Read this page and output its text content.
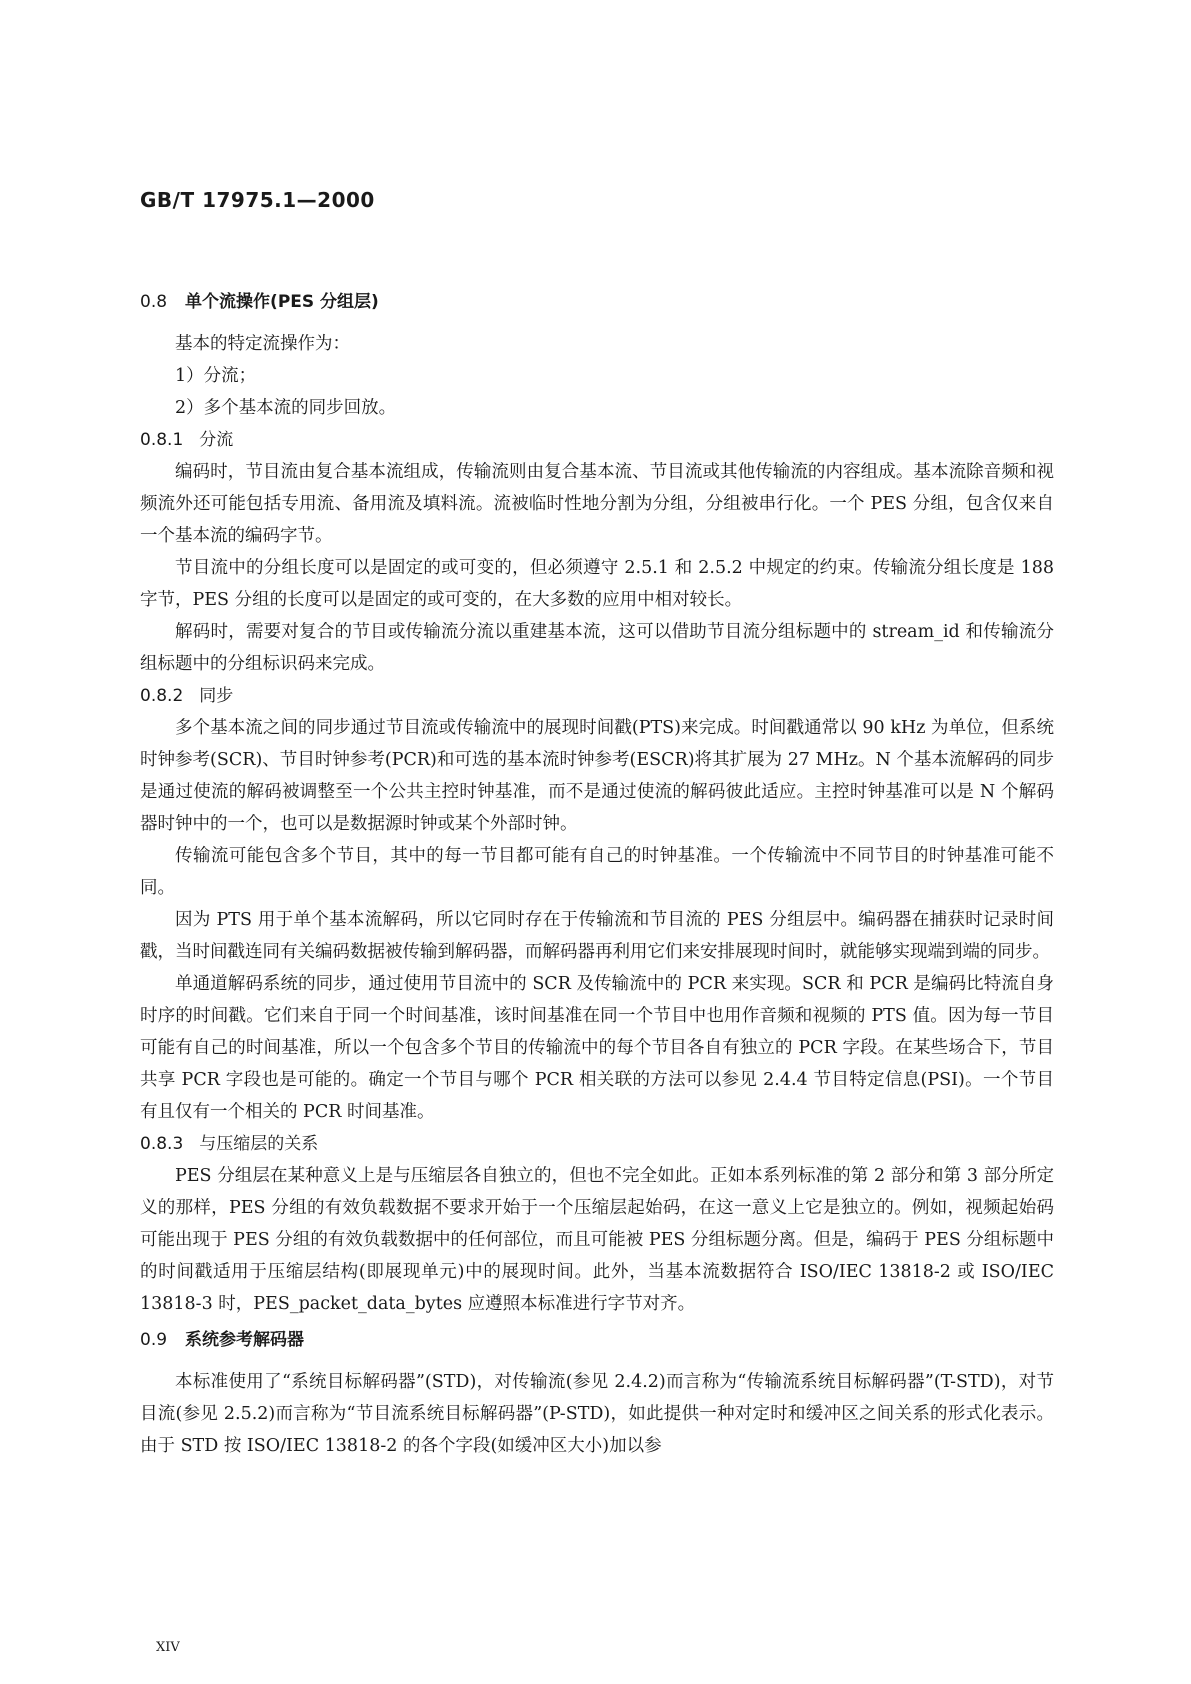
GB/T 17975.1—2000
0.8 单个流操作(PES 分组层)

基本的特定流操作为：

1）分流；

2）多个基本流的同步回放。

0.8.1 分流

编码时，节目流由复合基本流组成，传输流则由复合基本流、节目流或其他传输流的内容组成。基本流除音频和视频流外还可能包括专用流、备用流及填料流。流被临时性地分割为分组，分组被串行化。一个 PES 分组，包含仅来自一个基本流的编码字节。

节目流中的分组长度可以是固定的或可变的，但必须遵守 2.5.1 和 2.5.2 中规定的约束。传输流分组长度是 188 字节，PES 分组的长度可以是固定的或可变的，在大多数的应用中相对较长。

解码时，需要对复合的节目或传输流分流以重建基本流，这可以借助节目流分组标题中的 stream_id 和传输流分组标题中的分组标识码来完成。

0.8.2 同步

多个基本流之间的同步通过节目流或传输流中的展现时间戳(PTS)来完成。时间戳通常以 90 kHz 为单位，但系统时钟参考(SCR)、节目时钟参考(PCR)和可选的基本流时钟参考(ESCR)将其扩展为 27 MHz。N 个基本流解码的同步是通过使流的解码被调整至一个公共主控时钟基准，而不是通过使流的解码彼此适应。主控时钟基准可以是 N 个解码器时钟中的一个，也可以是数据源时钟或某个外部时钟。

传输流可能包含多个节目，其中的每一节目都可能有自己的时钟基准。一个传输流中不同节目的时钟基准可能不同。

因为 PTS 用于单个基本流解码，所以它同时存在于传输流和节目流的 PES 分组层中。编码器在捕获时记录时间戳，当时间戳连同有关编码数据被传输到解码器，而解码器再利用它们来安排展现时间时，就能够实现端到端的同步。

单通道解码系统的同步，通过使用节目流中的 SCR 及传输流中的 PCR 来实现。SCR 和 PCR 是编码比特流自身时序的时间戳。它们来自于同一个时间基准，该时间基准在同一个节目中也用作音频和视频的 PTS 值。因为每一节目可能有自己的时间基准，所以一个包含多个节目的传输流中的每个节目各自有独立的 PCR 字段。在某些场合下，节目共享 PCR 字段也是可能的。确定一个节目与哪个 PCR 相关联的方法可以参见 2.4.4 节目特定信息(PSI)。一个节目有且仅有一个相关的 PCR 时间基准。

0.8.3 与压缩层的关系

PES 分组层在某种意义上是与压缩层各自独立的，但也不完全如此。正如本系列标准的第 2 部分和第 3 部分所定义的那样，PES 分组的有效负载数据不要求开始于一个压缩层起始码，在这一意义上它是独立的。例如，视频起始码可能出现于 PES 分组的有效负载数据中的任何部位，而且可能被 PES 分组标题分离。但是，编码于 PES 分组标题中的时间戳适用于压缩层结构(即展现单元)中的展现时间。此外，当基本流数据符合 ISO/IEC 13818-2 或 ISO/IEC 13818-3 时，PES_packet_data_bytes 应遵照本标准进行字节对齐。

0.9 系统参考解码器

本标准使用了“系统目标解码器”(STD)，对传输流(参见 2.4.2)而言称为“传输流系统目标解码器”(T-STD)，对节目流(参见 2.5.2)而言称为“节目流系统目标解码器”(P-STD)，如此提供一种对定时和缓冲区之间关系的形式化表示。由于 STD 按 ISO/IEC 13818-2 的各个字段(如缓冲区大小)加以参

XIV
